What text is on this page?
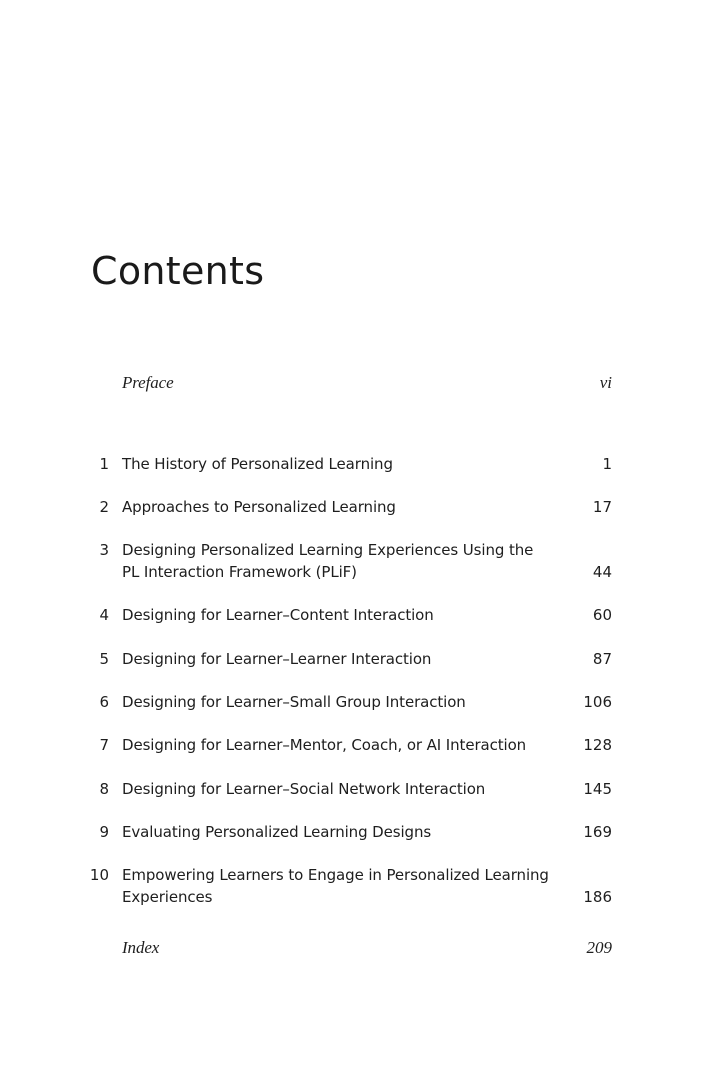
Contents
Preface	vi
1 The History of Personalized Learning	1
2 Approaches to Personalized Learning	17
3 Designing Personalized Learning Experiences Using the
PL Interaction Framework (PLiF)	44
4 Designing for Learner–Content Interaction	60
5 Designing for Learner–Learner Interaction	87
6 Designing for Learner–Small Group Interaction	106
7 Designing for Learner–Mentor, Coach, or AI Interaction	128
8 Designing for Learner–Social Network Interaction	145
9 Evaluating Personalized Learning Designs	169
10 Empowering Learners to Engage in Personalized Learning
Experiences	186
Index	209
